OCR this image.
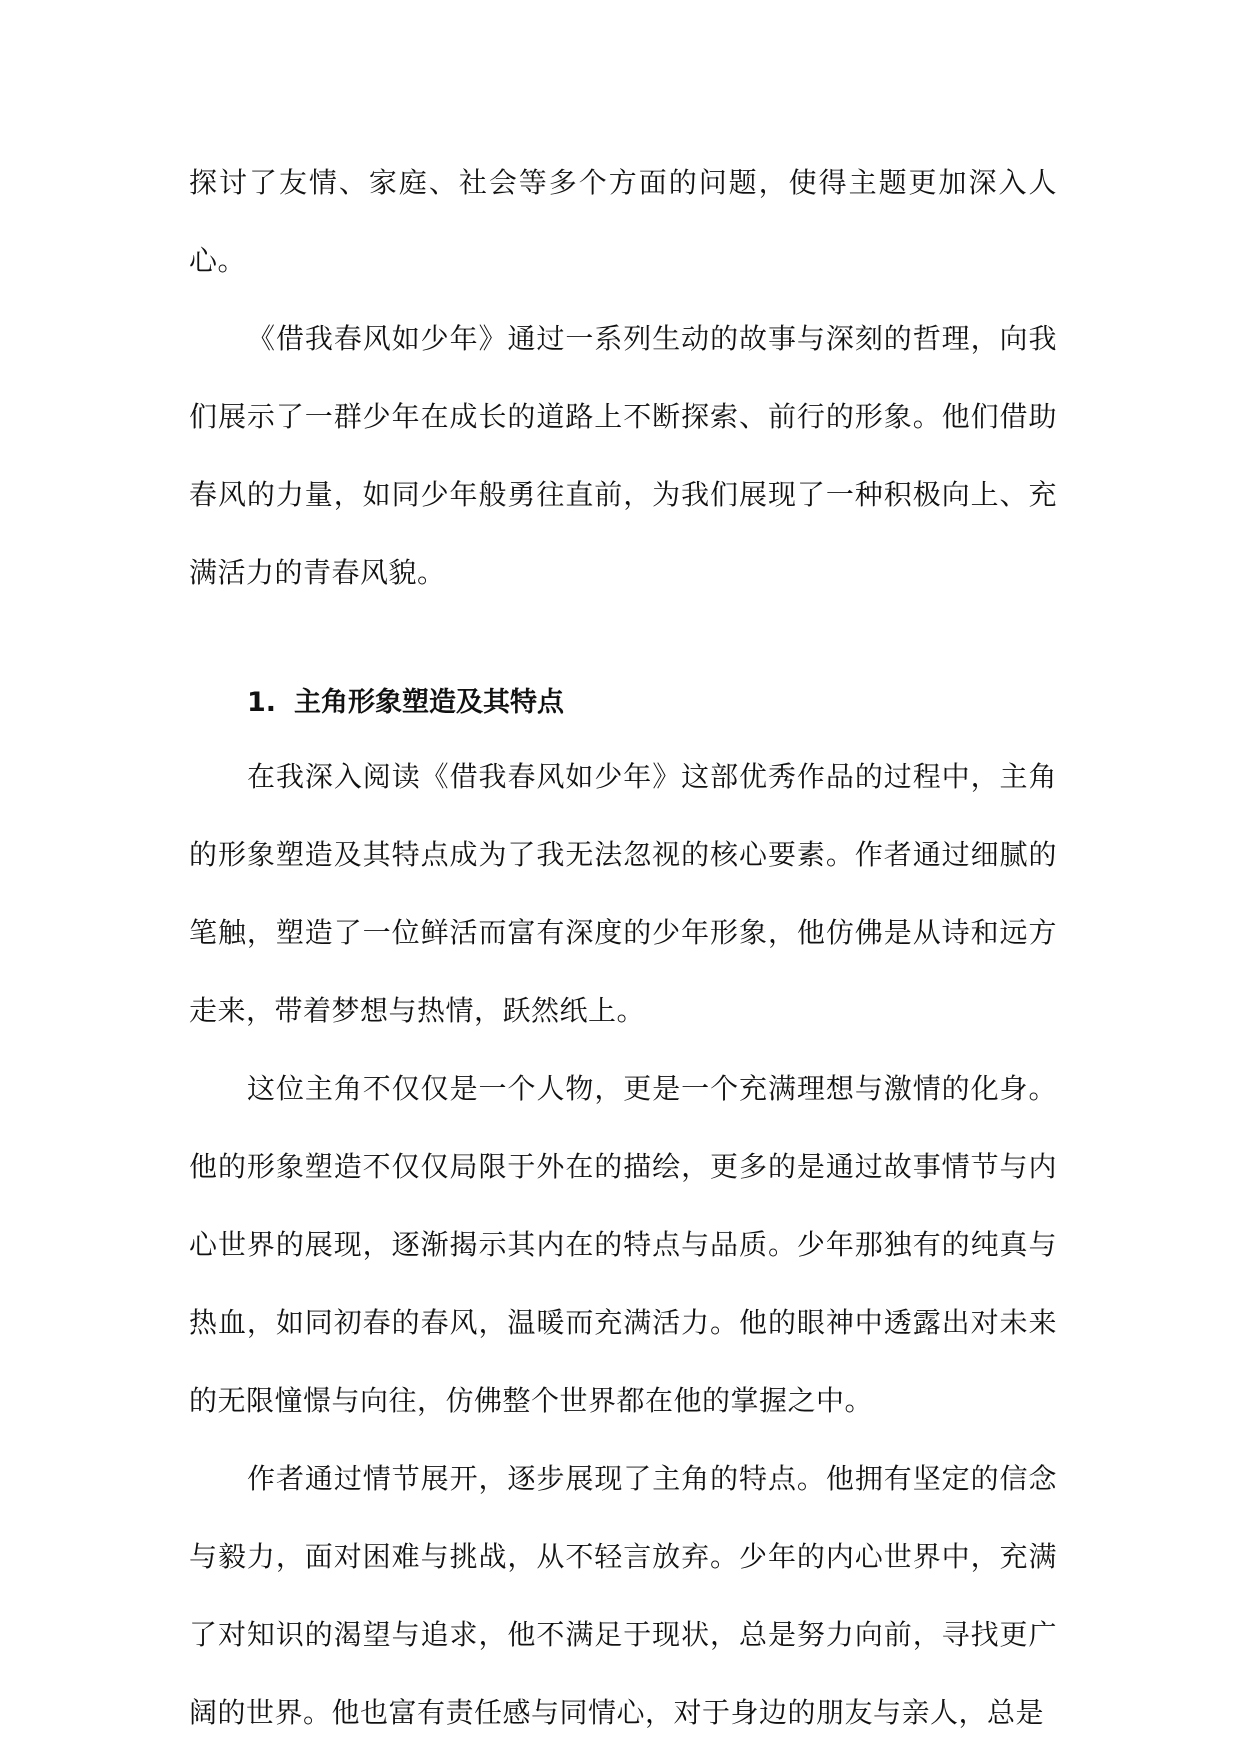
探讨了友情、家庭、社会等多个方面的问题，使得主题更加深入人心。

《借我春风如少年》通过一系列生动的故事与深刻的哲理，向我们展示了一群少年在成长的道路上不断探索、前行的形象。他们借助春风的力量，如同少年般勇往直前，为我们展现了一种积极向上、充满活力的青春风貌。

1. 主角形象塑造及其特点

在我深入阅读《借我春风如少年》这部优秀作品的过程中，主角的形象塑造及其特点成为了我无法忽视的核心要素。作者通过细腻的笔触，塑造了一位鲜活而富有深度的少年形象，他仿佛是从诗和远方走来，带着梦想与热情，跃然纸上。

这位主角不仅仅是一个人物，更是一个充满理想与激情的化身。他的形象塑造不仅仅局限于外在的描绘，更多的是通过故事情节与内心世界的展现，逐渐揭示其内在的特点与品质。少年那独有的纯真与热血，如同初春的春风，温暖而充满活力。他的眼神中透露出对未来的无限憧憬与向往，仿佛整个世界都在他的掌握之中。

作者通过情节展开，逐步展现了主角的特点。他拥有坚定的信念与毅力，面对困难与挑战，从不轻言放弃。少年的内心世界中，充满了对知识的渴望与追求，他不满足于现状，总是努力向前，寻找更广阔的世界。他也富有责任感与同情心，对于身边的朋友与亲人，总是
